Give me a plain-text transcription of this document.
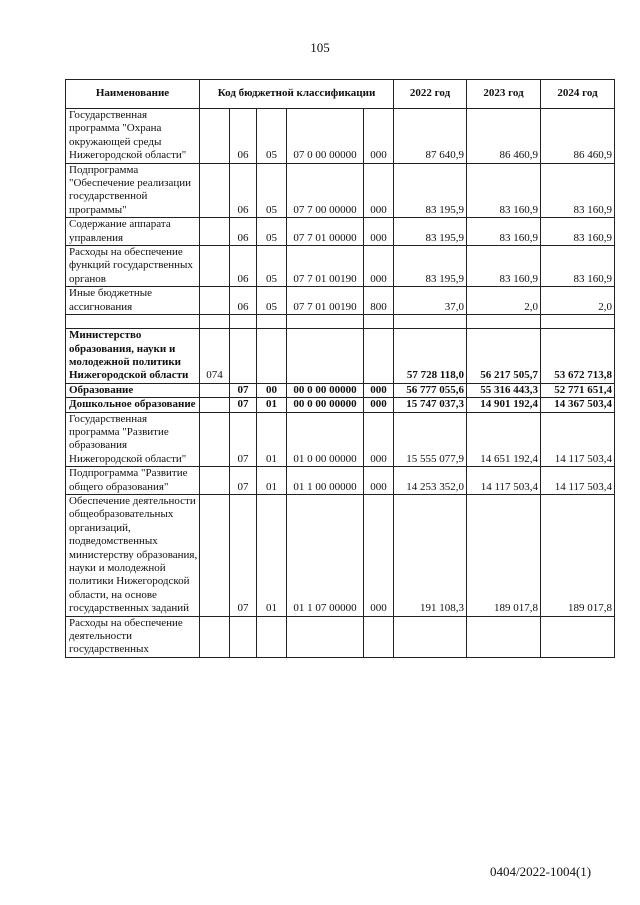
105
Наименование	Код бюджетной классификации					2022 год	2023 год	2024 год
Государственная программа "Охрана окружающей среды Нижегородской области"		06	05	07 0 00 00000	000	87 640,9	86 460,9	86 460,9
Подпрограмма "Обеспечение реализации государственной программы"		06	05	07 7 00 00000	000	83 195,9	83 160,9	83 160,9
Содержание аппарата управления		06	05	07 7 01 00000	000	83 195,9	83 160,9	83 160,9
Расходы на обеспечение функций государственных органов		06	05	07 7 01 00190	000	83 195,9	83 160,9	83 160,9
Иные бюджетные ассигнования		06	05	07 7 01 00190	800	37,0	2,0	2,0

Министерство образования, науки и молодежной политики Нижегородской области	074					57 728 118,0	56 217 505,7	53 672 713,8
Образование		07	00	00 0 00 00000	000	56 777 055,6	55 316 443,3	52 771 651,4
Дошкольное образование		07	01	00 0 00 00000	000	15 747 037,3	14 901 192,4	14 367 503,4
Государственная программа "Развитие образования Нижегородской области"		07	01	01 0 00 00000	000	15 555 077,9	14 651 192,4	14 117 503,4
Подпрограмма "Развитие общего образования"		07	01	01 1 00 00000	000	14 253 352,0	14 117 503,4	14 117 503,4
Обеспечение деятельности общеобразовательных организаций, подведомственных министерству образования, науки и молодежной политики Нижегородской области, на основе государственных заданий		07	01	01 1 07 00000	000	191 108,3	189 017,8	189 017,8
Расходы на обеспечение деятельности государственных								
0404/2022-1004(1)
